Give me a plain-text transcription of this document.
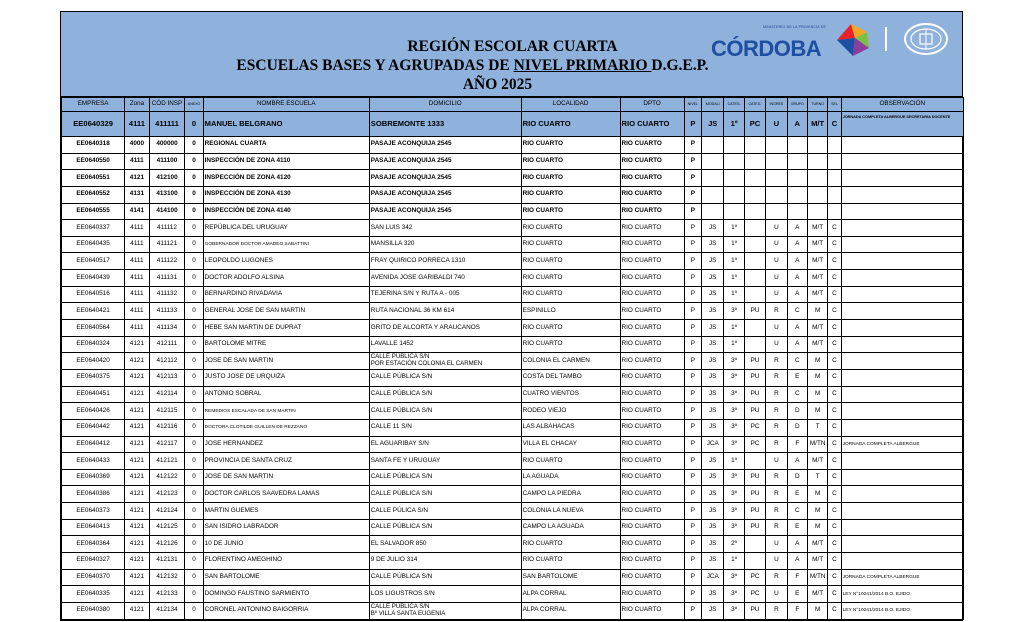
REGIÓN ESCOLAR CUARTA
ESCUELAS BASES Y AGRUPADAS DE NIVEL PRIMARIO D.G.E.P.
AÑO 2025
MINISTERIO DE LA PROVINCIA DE
CÓRDOBA
EMPRESA	Zona	CÓD INSP	ANEXO	NOMBRE ESCUELA	DOMICILIO	LOCALIDAD	DPTO	NIVEL	MODALI	CATEG.	CATEG.	INGRES	GRUPO	TURNO	SEL	OBSERVACIÓN
EE0640329	4111	411111	0	MANUEL BELGRANO	SOBREMONTE 1333	RIO CUARTO	RIO CUARTO	P	JS	1º	PC	U	A	M/T	C	JORNADA COMPLETA ALBERGUE SECRETARIA DOCENTE
EE0640318	4000	400000	0	REGIONAL CUARTA	PASAJE ACONQUIJA 2545	RIO CUARTO	RIO CUARTO	P								
EE0640550	4111	411100	0	INSPECCIÓN DE ZONA 4110	PASAJE ACONQUIJA 2545	RIO CUARTO	RIO CUARTO	P								
EE0640551	4121	412100	0	INSPECCIÓN DE ZONA 4120	PASAJE ACONQUIJA 2545	RIO CUARTO	RIO CUARTO	P								
EE0640552	4131	413100	0	INSPECCIÓN DE ZONA 4130	PASAJE ACONQUIJA 2545	RIO CUARTO	RIO CUARTO	P								
EE0640555	4141	414100	0	INSPECCIÓN DE ZONA 4140	PASAJE ACONQUIJA 2545	RIO CUARTO	RIO CUARTO	P								
EE0640337	4111	411112	0	REPÚBLICA DEL URUGUAY	SAN LUIS 342	RIO CUARTO	RIO CUARTO	P	JS	1º		U	A	M/T	C	
EE0640435	4111	411121	0	GOBERNADOR DOCTOR AMADEO SABATTINI	MANSILLA 320	RIO CUARTO	RIO CUARTO	P	JS	1º		U	A	M/T	C	
EE0640517	4111	411122	0	LEOPOLDO LUGONES	FRAY QUIRICO PORRECA 1310	RIO CUARTO	RIO CUARTO	P	JS	1º		U	A	M/T	C	
EE0640439	4111	411131	0	DOCTOR ADOLFO ALSINA	AVENIDA JOSE GARIBALDI 740	RIO CUARTO	RIO CUARTO	P	JS	1º		U	A	M/T	C	
EE0640516	4111	411132	0	BERNARDINO RIVADAVIA	TEJERINA S/N Y RUTA A - 005	RIO CUARTO	RIO CUARTO	P	JS	1º		U	A	M/T	C	
EE0640421	4111	411133	0	GENERAL JOSE DE SAN MARTIN	RUTA NACIONAL 36 KM 614	ESPINILLO	RIO CUARTO	P	JS	3º	PU	R	C	M	C	
EE0640564	4111	411134	0	HEBE SAN MARTIN DE DUPRAT	GRITO DE ALCORTA Y ARAUCANOS	RIO CUARTO	RIO CUARTO	P	JS	1º		U	A	M/T	C	
EE0640324	4121	412111	0	BARTOLOME MITRE	LAVALLE 1452	RIO CUARTO	RIO CUARTO	P	JS	1º		U	A	M/T	C	
EE0640420	4121	412112	0	JOSE DE SAN MARTIN	CALLE PUBLICA S/N
POR ESTACIÓN COLONIA EL CARMEN	COLONIA EL CARMEN	RIO CUARTO	P	JS	3º	PU	R	C	M	C	
EE0640375	4121	412113	0	JUSTO JOSE DE URQUIZA	CALLE PÚBLICA S/N	COSTA DEL TAMBO	RIO CUARTO	P	JS	3º	PU	R	E	M	C	
EE0640451	4121	412114	0	ANTONIO SOBRAL	CALLE PÚBLICA S/N	CUATRO VIENTOS	RIO CUARTO	P	JS	3º	PU	R	C	M	C	
EE0640426	4121	412115	0	REMEDIOS ESCALADA DE SAN MARTIN	CALLE PÚBLICA S/N	RODEO VIEJO	RIO CUARTO	P	JS	3º	PU	R	D	M	C	
EE0640442	4121	412116	0	DOCTORA CLOTILDE GUILLEN DE REZZANO	CALLE 11 S/N	LAS ALBAHACAS	RIO CUARTO	P	JS	3º	PC	R	D	T	C	
EE0640412	4121	412117	0	JOSE HERNANDEZ	EL AGUARIBAY S/N	VILLA EL CHACAY	RIO CUARTO	P	JCA	3º	PC	R	F	M/TN	C	JORNADA COMPLETA ALBERGUE
EE0640433	4121	412121	0	PROVINCIA DE SANTA CRUZ	SANTA FE Y URUGUAY	RIO CUARTO	RIO CUARTO	P	JS	1º		U	A	M/T	C	
EE0640369	4121	412122	0	JOSE DE SAN MARTIN	CALLE PÚBLICA S/N	LA AGUADA	RIO CUARTO	P	JS	3º	PU	R	D	T	C	
EE0640386	4121	412123	0	DOCTOR CARLOS SAAVEDRA LAMAS	CALLE PÚBLICA S/N	CAMPO LA PIEDRA	RIO CUARTO	P	JS	3º	PU	R	E	M	C	
EE0640373	4121	412124	0	MARTIN GUEMES	CALLE PÚLICA S/N	COLONIA LA NUEVA	RIO CUARTO	P	JS	3º	PU	R	C	M	C	
EE0640413	4121	412125	0	SAN ISIDRO LABRADOR	CALLE PÚBLICA S/N	CAMPO LA AGUADA	RIO CUARTO	P	JS	3º	PU	R	E	M	C	
EE0640364	4121	412126	0	10 DE JUNIO	EL SALVADOR 850	RIO CUARTO	RIO CUARTO	P	JS	2º		U	A	M/T	C	
EE0640327	4121	412131	0	FLORENTINO AMEGHINO	9 DE JULIO 314	RIO CUARTO	RIO CUARTO	P	JS	1º		U	A	M/T	C	
EE0640370	4121	412132	0	SAN BARTOLOME	CALLE PÚBLICA S/N	SAN BARTOLOME	RIO CUARTO	P	JCA	3º	PC	R	F	M/TN	C	JORNADA COMPLETA ALBERGUE
EE0640335	4121	412133	0	DOMINGO FAUSTINO SARMIENTO	LOS LIGUSTROS S/N	ALPA CORRAL	RIO CUARTO	P	JS	3º	PC	U	E	M/T	C	LEY N°10241/2014 B.O. EJIDO
EE0640380	4121	412134	0	CORONEL ANTONINO BAIGORRIA	CALLE PÚBLICA S/N
Bº VILLA SANTA EUGENIA	ALPA CORRAL	RIO CUARTO	P	JS	3º	PU	R	F	M	C	LEY N°10241/2014 B.O. EJIDO
